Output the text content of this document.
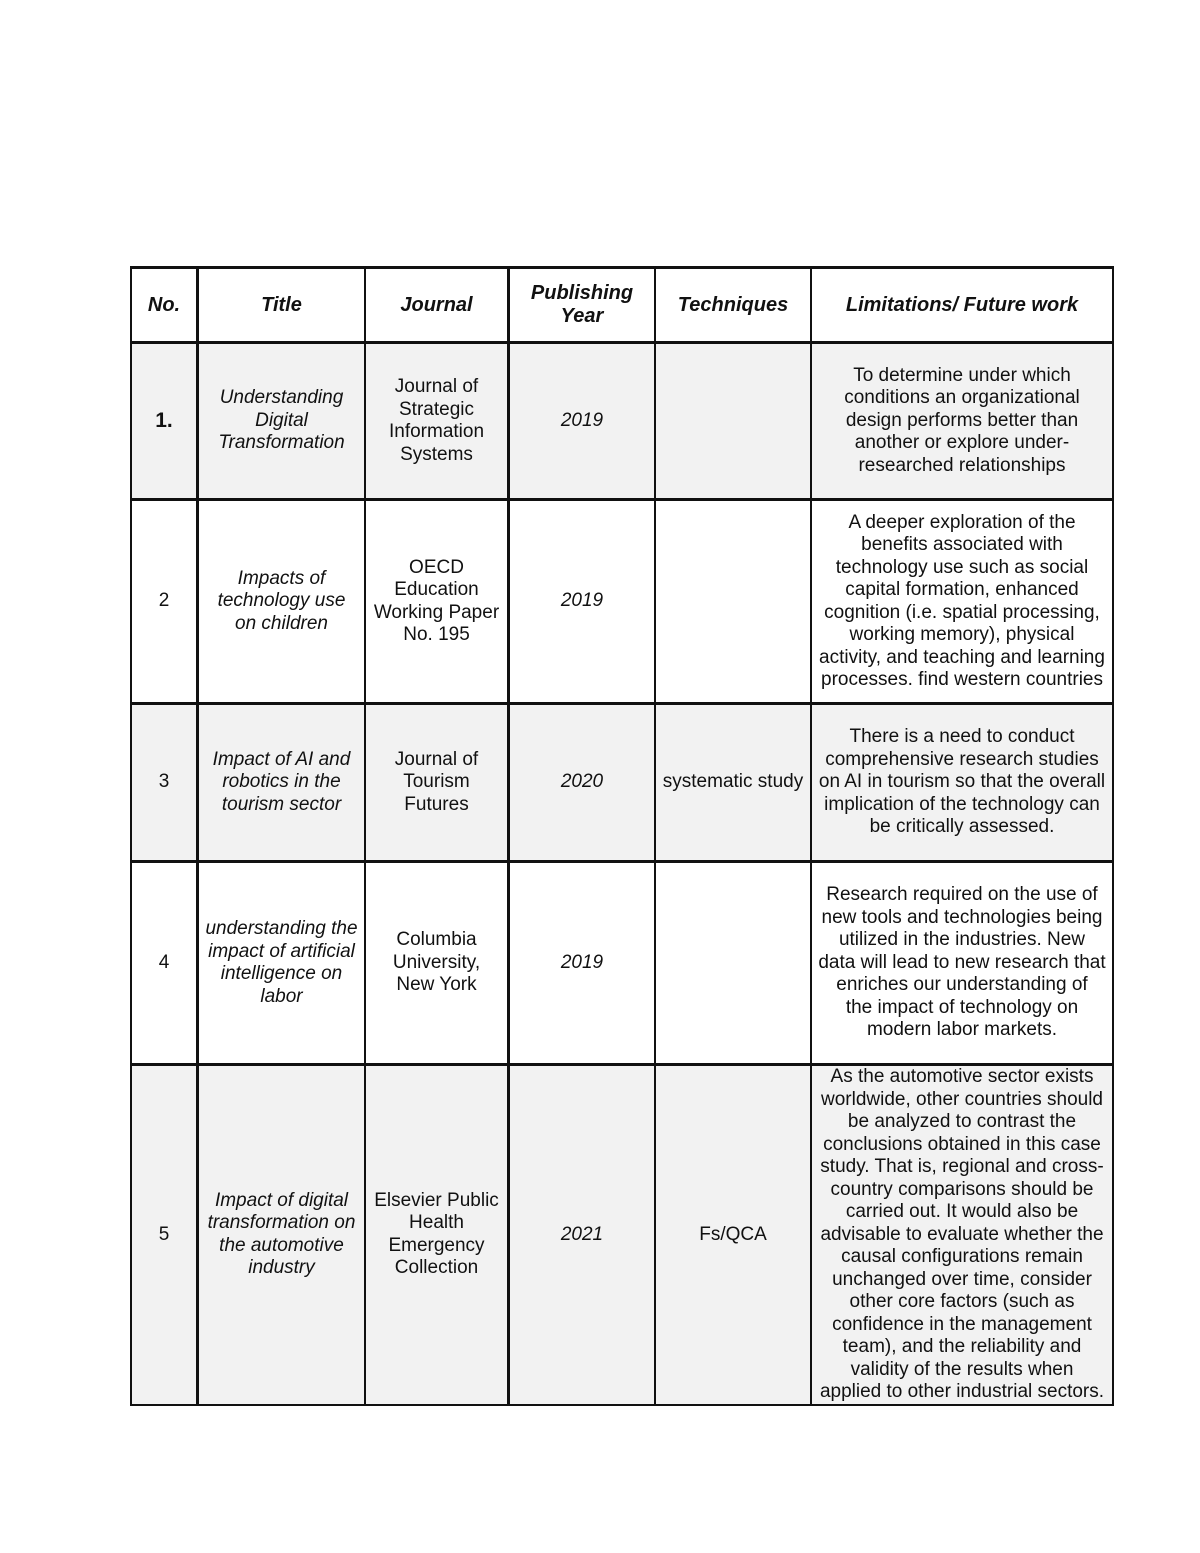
No.	Title	Journal	Publishing Year	Techniques	Limitations/ Future work
1.	Understanding Digital Transformation	Journal of Strategic Information Systems	2019		To determine under which conditions an organizational design performs better than another or explore under-researched relationships

2	Impacts of technology use on children	OECD Education Working Paper No. 195	2019		A deeper exploration of the benefits associated with technology use such as social capital formation, enhanced cognition (i.e. spatial processing, working memory), physical activity, and teaching and learning processes. find western countries

3	Impact of AI and robotics in the tourism sector	Journal of Tourism Futures	2020	systematic study	There is a need to conduct comprehensive research studies on AI in tourism so that the overall implication of the technology can be critically assessed.

4	understanding the impact of artificial intelligence on labor	Columbia University, New York	2019		Research required on the use of new tools and technologies being utilized in the industries. New data will lead to new research that enriches our understanding of
the impact of technology on modern labor markets.

5	Impact of digital transformation on the automotive industry	Elsevier Public Health Emergency Collection	2021	Fs/QCA	As the automotive sector exists worldwide, other countries should be analyzed to contrast the conclusions obtained in this case study. That is, regional and cross-country comparisons should be carried out. It would also be advisable to evaluate whether the causal configurations remain unchanged over time, consider other core factors (such as confidence in the management team), and the reliability and validity of the results when applied to other industrial sectors.
